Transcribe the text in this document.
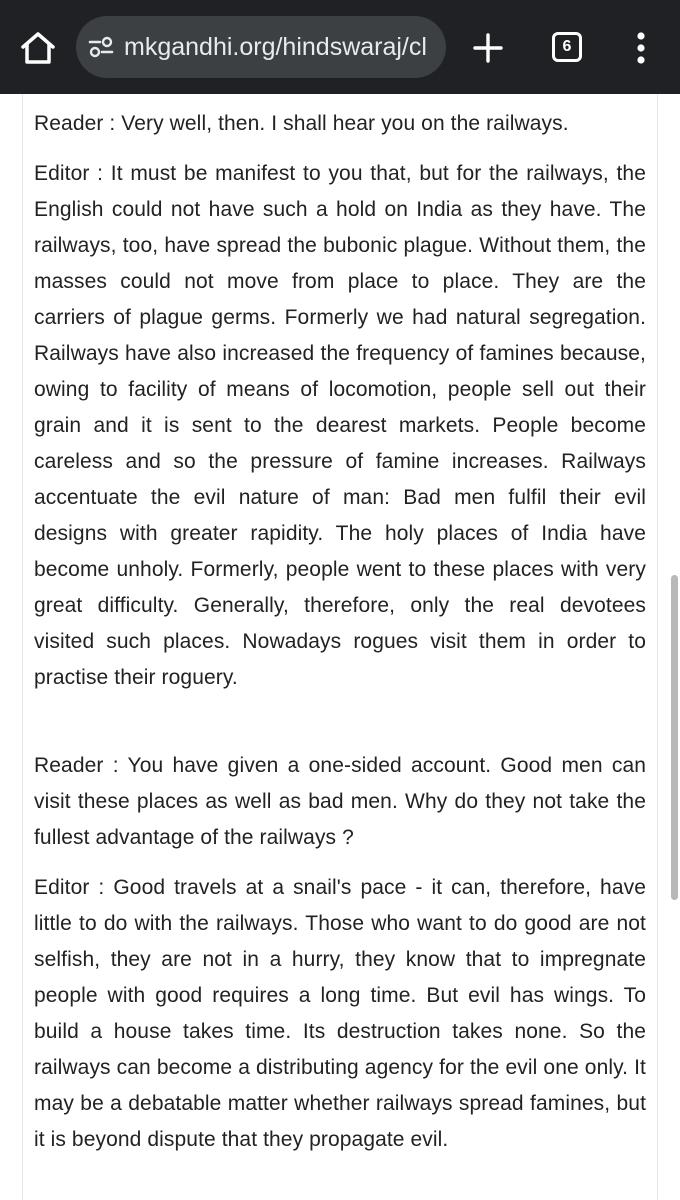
mkgandhi.org/hindswaraj/cl	6

Reader : Very well, then. I shall hear you on the railways.

Editor : It must be manifest to you that, but for the railways, the English could not have such a hold on India as they have. The railways, too, have spread the bubonic plague. Without them, the masses could not move from place to place. They are the carriers of plague germs. Formerly we had natural segregation. Railways have also increased the frequency of famines because, owing to facility of means of locomotion, people sell out their grain and it is sent to the dearest markets. People become careless and so the pressure of famine increases. Railways accentuate the evil nature of man: Bad men fulfil their evil designs with greater rapidity. The holy places of India have become unholy. Formerly, people went to these places with very great difficulty. Generally, therefore, only the real devotees visited such places. Nowadays rogues visit them in order to practise their roguery.

Reader : You have given a one-sided account. Good men can visit these places as well as bad men. Why do they not take the fullest advantage of the railways ?

Editor : Good travels at a snail's pace - it can, therefore, have little to do with the railways. Those who want to do good are not selfish, they are not in a hurry, they know that to impregnate people with good requires a long time. But evil has wings. To build a house takes time. Its destruction takes none. So the railways can become a distributing agency for the evil one only. It may be a debatable matter whether railways spread famines, but it is beyond dispute that they propagate evil.
